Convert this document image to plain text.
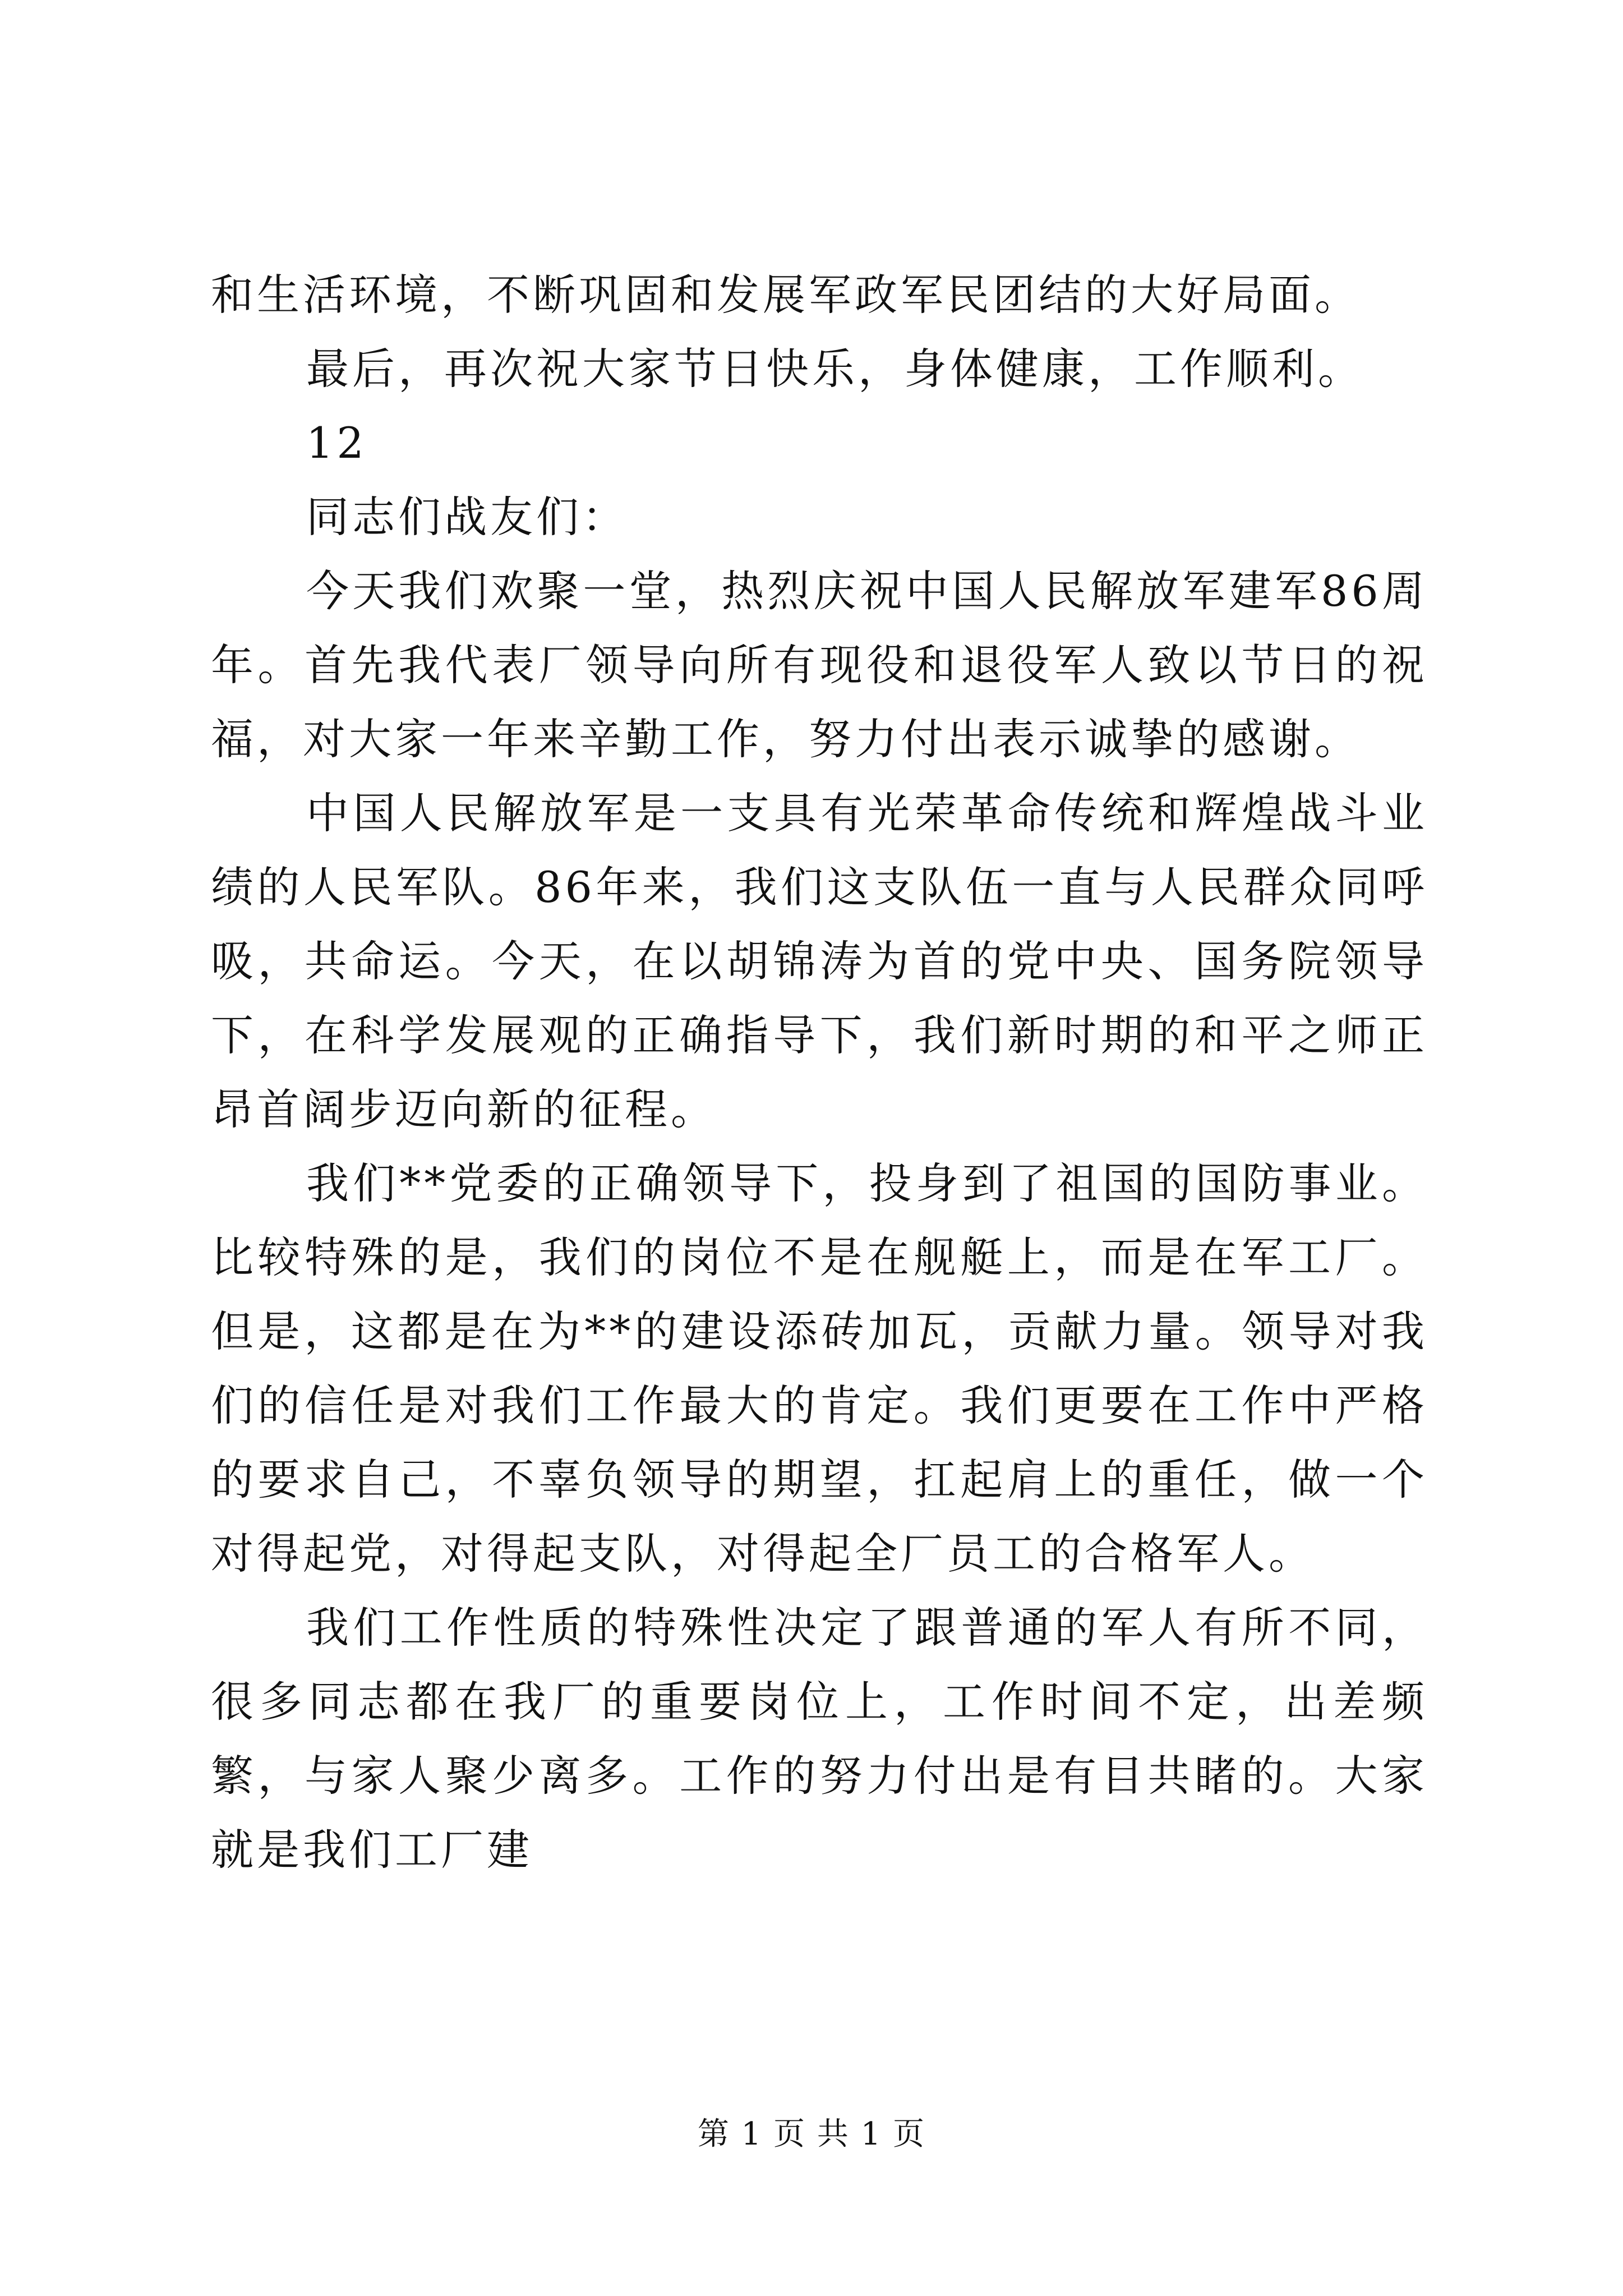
和生活环境，不断巩固和发展军政军民团结的大好局面。

最后，再次祝大家节日快乐，身体健康，工作顺利。

12

同志们战友们：

今天我们欢聚一堂，热烈庆祝中国人民解放军建军86周年。首先我代表厂领导向所有现役和退役军人致以节日的祝福，对大家一年来辛勤工作，努力付出表示诚挚的感谢。

中国人民解放军是一支具有光荣革命传统和辉煌战斗业绩的人民军队。86年来，我们这支队伍一直与人民群众同呼吸，共命运。今天，在以胡锦涛为首的党中央、国务院领导下，在科学发展观的正确指导下，我们新时期的和平之师正昂首阔步迈向新的征程。

我们**党委的正确领导下，投身到了祖国的国防事业。比较特殊的是，我们的岗位不是在舰艇上，而是在军工厂。但是，这都是在为**的建设添砖加瓦，贡献力量。领导对我们的信任是对我们工作最大的肯定。我们更要在工作中严格的要求自己，不辜负领导的期望，扛起肩上的重任，做一个对得起党，对得起支队，对得起全厂员工的合格军人。

我们工作性质的特殊性决定了跟普通的军人有所不同，很多同志都在我厂的重要岗位上，工作时间不定，出差频繁，与家人聚少离多。工作的努力付出是有目共睹的。大家就是我们工厂建

第 1 页 共 1 页
